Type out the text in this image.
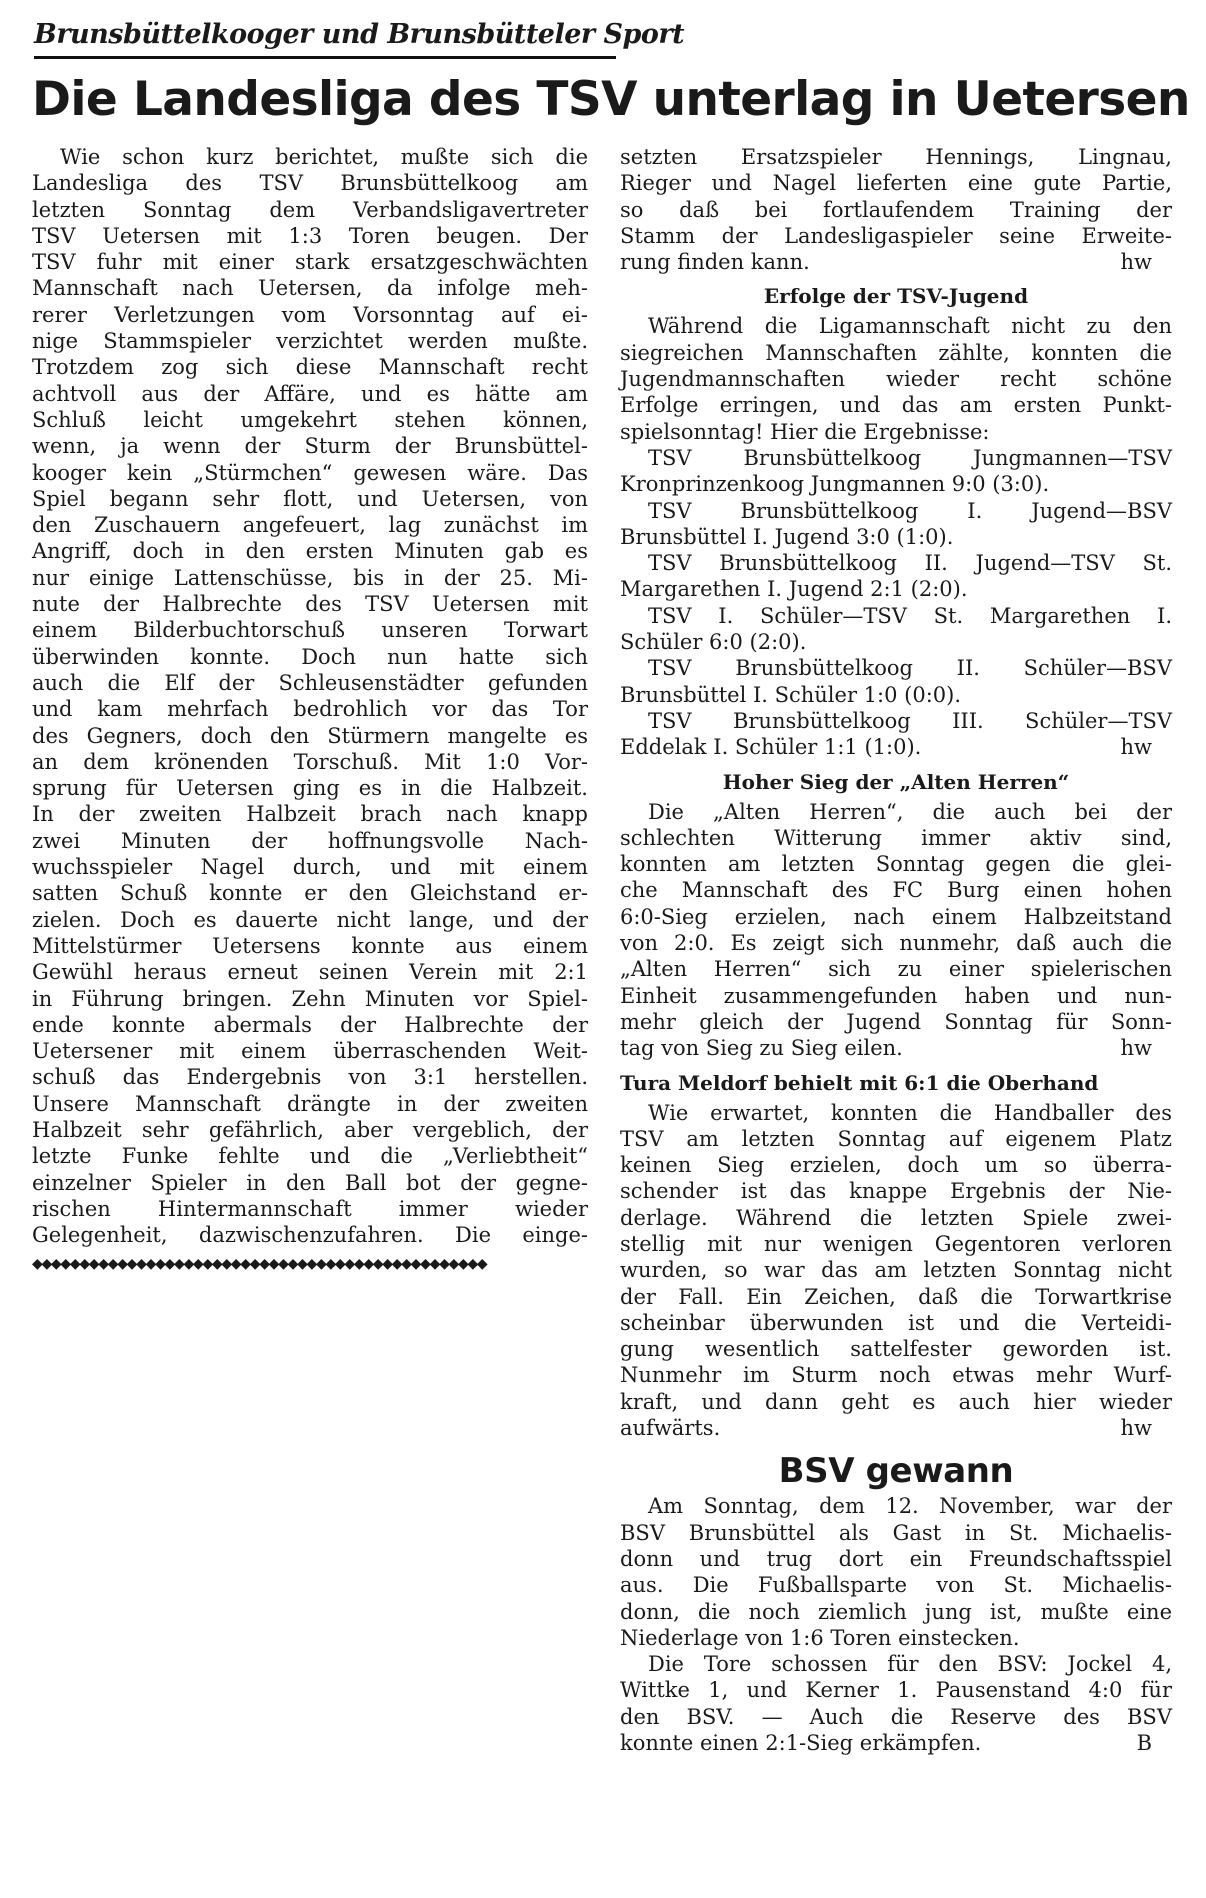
Brunsbüttelkooger und Brunsbütteler Sport
Die Landesliga des TSV unterlag in Uetersen
Wie schon kurz berichtet, mußte sich die
Landesliga des TSV Brunsbüttelkoog am
letzten Sonntag dem Verbandsligavertreter
TSV Uetersen mit 1:3 Toren beugen. Der
TSV fuhr mit einer stark ersatzgeschwächten
Mannschaft nach Uetersen, da infolge meh-
rerer Verletzungen vom Vorsonntag auf ei-
nige Stammspieler verzichtet werden mußte.
Trotzdem zog sich diese Mannschaft recht
achtvoll aus der Affäre, und es hätte am
Schluß leicht umgekehrt stehen können,
wenn, ja wenn der Sturm der Brunsbüttel-
kooger kein „Stürmchen“ gewesen wäre. Das
Spiel begann sehr flott, und Uetersen, von
den Zuschauern angefeuert, lag zunächst im
Angriff, doch in den ersten Minuten gab es
nur einige Lattenschüsse, bis in der 25. Mi-
nute der Halbrechte des TSV Uetersen mit
einem Bilderbuchtorschuß unseren Torwart
überwinden konnte. Doch nun hatte sich
auch die Elf der Schleusenstädter gefunden
und kam mehrfach bedrohlich vor das Tor
des Gegners, doch den Stürmern mangelte es
an dem krönenden Torschuß. Mit 1:0 Vor-
sprung für Uetersen ging es in die Halbzeit.
In der zweiten Halbzeit brach nach knapp
zwei Minuten der hoffnungsvolle Nach-
wuchsspieler Nagel durch, und mit einem
satten Schuß konnte er den Gleichstand er-
zielen. Doch es dauerte nicht lange, und der
Mittelstürmer Uetersens konnte aus einem
Gewühl heraus erneut seinen Verein mit 2:1
in Führung bringen. Zehn Minuten vor Spiel-
ende konnte abermals der Halbrechte der
Uetersener mit einem überraschenden Weit-
schuß das Endergebnis von 3:1 herstellen.
Unsere Mannschaft drängte in der zweiten
Halbzeit sehr gefährlich, aber vergeblich, der
letzte Funke fehlte und die „Verliebtheit“
einzelner Spieler in den Ball bot der gegne-
rischen Hintermannschaft immer wieder
Gelegenheit, dazwischenzufahren. Die einge-
◆◆◆◆◆◆◆◆◆◆◆◆◆◆◆◆◆◆◆◆◆◆◆◆◆◆◆◆◆◆◆◆◆◆◆◆◆◆◆◆◆◆◆◆◆◆◆◆
setzten Ersatzspieler Hennings, Lingnau,
Rieger und Nagel lieferten eine gute Partie,
so daß bei fortlaufendem Training der
Stamm der Landesligaspieler seine Erweite-
rung finden kann.	hw
Erfolge der TSV-Jugend
Während die Ligamannschaft nicht zu den
siegreichen Mannschaften zählte, konnten die
Jugendmannschaften wieder recht schöne
Erfolge erringen, und das am ersten Punkt-
spielsonntag! Hier die Ergebnisse:
TSV Brunsbüttelkoog Jungmannen—TSV
Kronprinzenkoog Jungmannen 9:0 (3:0).
TSV Brunsbüttelkoog I. Jugend—BSV
Brunsbüttel I. Jugend 3:0 (1:0).
TSV Brunsbüttelkoog II. Jugend—TSV St.
Margarethen I. Jugend 2:1 (2:0).
TSV I. Schüler—TSV St. Margarethen I.
Schüler 6:0 (2:0).
TSV Brunsbüttelkoog II. Schüler—BSV
Brunsbüttel I. Schüler 1:0 (0:0).
TSV Brunsbüttelkoog III. Schüler—TSV
Eddelak I. Schüler 1:1 (1:0).	hw
Hoher Sieg der „Alten Herren“
Die „Alten Herren“, die auch bei der
schlechten Witterung immer aktiv sind,
konnten am letzten Sonntag gegen die glei-
che Mannschaft des FC Burg einen hohen
6:0-Sieg erzielen, nach einem Halbzeitstand
von 2:0. Es zeigt sich nunmehr, daß auch die
„Alten Herren“ sich zu einer spielerischen
Einheit zusammengefunden haben und nun-
mehr gleich der Jugend Sonntag für Sonn-
tag von Sieg zu Sieg eilen.	hw
Tura Meldorf behielt mit 6:1 die Oberhand
Wie erwartet, konnten die Handballer des
TSV am letzten Sonntag auf eigenem Platz
keinen Sieg erzielen, doch um so überra-
schender ist das knappe Ergebnis der Nie-
derlage. Während die letzten Spiele zwei-
stellig mit nur wenigen Gegentoren verloren
wurden, so war das am letzten Sonntag nicht
der Fall. Ein Zeichen, daß die Torwartkrise
scheinbar überwunden ist und die Verteidi-
gung wesentlich sattelfester geworden ist.
Nunmehr im Sturm noch etwas mehr Wurf-
kraft, und dann geht es auch hier wieder
aufwärts.	hw
BSV gewann
Am Sonntag, dem 12. November, war der
BSV Brunsbüttel als Gast in St. Michaelis-
donn und trug dort ein Freundschaftsspiel
aus. Die Fußballsparte von St. Michaelis-
donn, die noch ziemlich jung ist, mußte eine
Niederlage von 1:6 Toren einstecken.
Die Tore schossen für den BSV: Jockel 4,
Wittke 1, und Kerner 1. Pausenstand 4:0 für
den BSV. — Auch die Reserve des BSV
konnte einen 2:1-Sieg erkämpfen.	B
